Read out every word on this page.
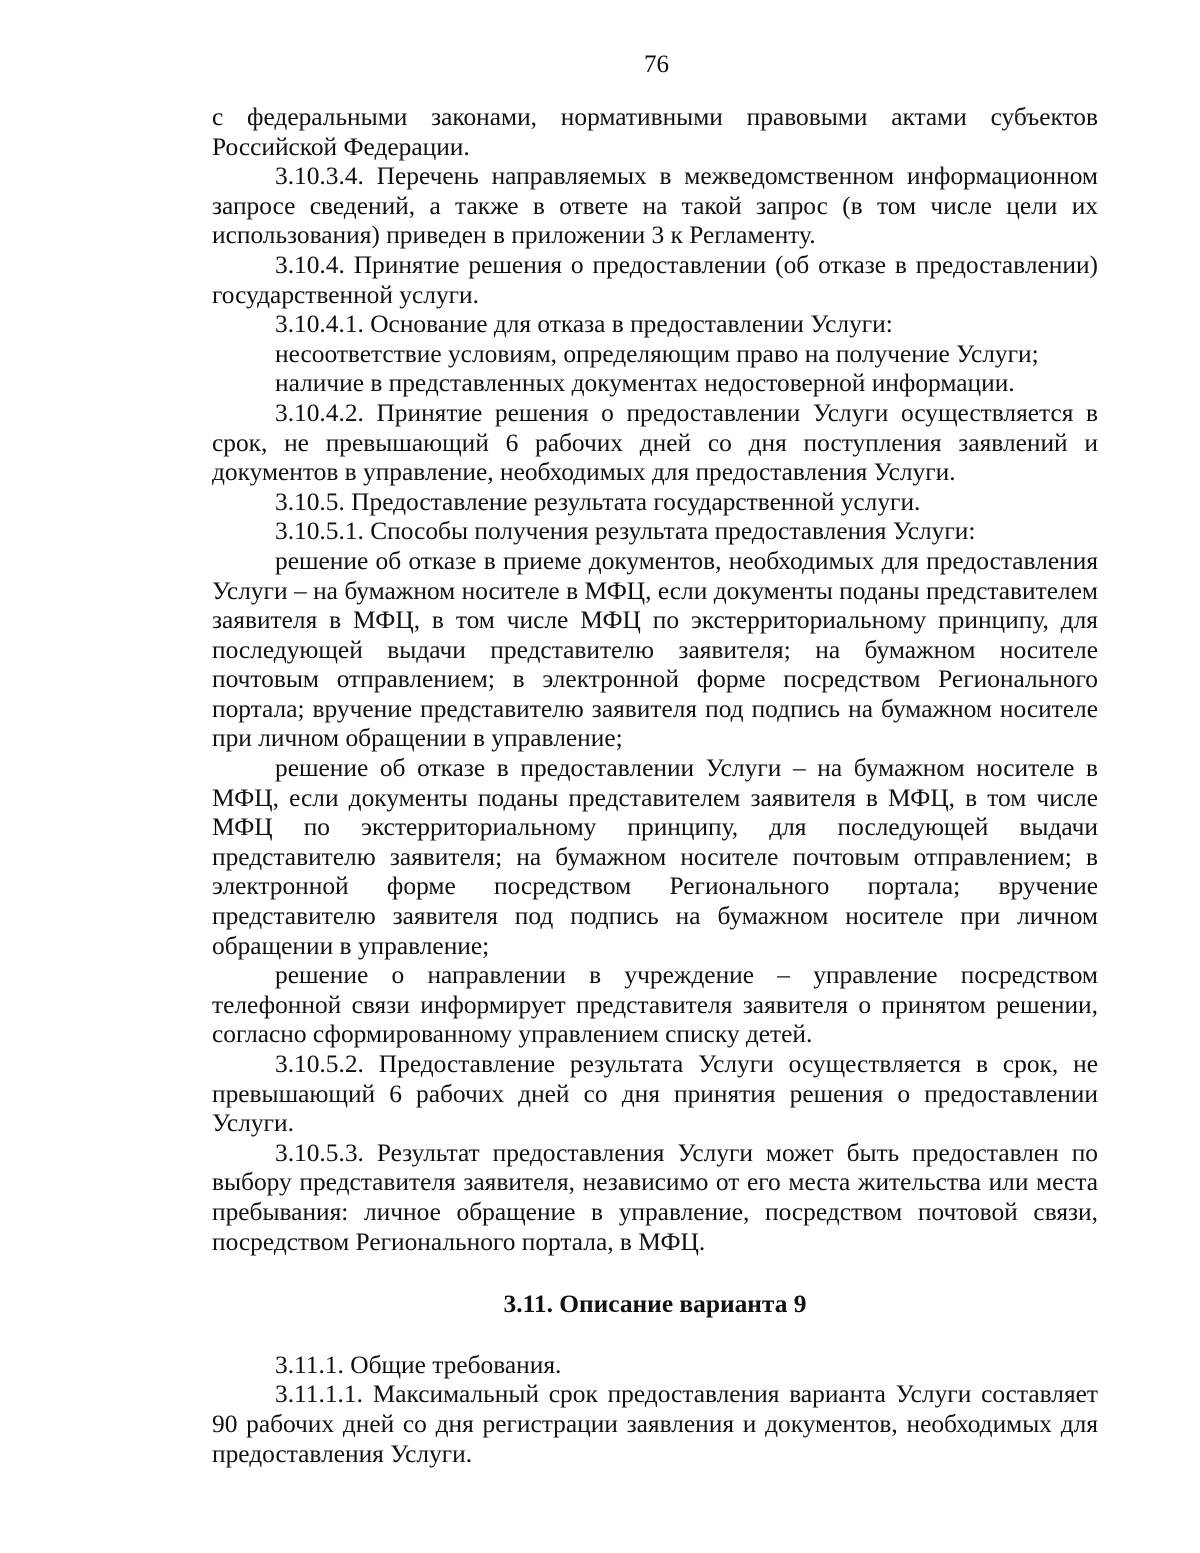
76

с федеральными законами, нормативными правовыми актами субъектов Российской Федерации.

3.10.3.4. Перечень направляемых в межведомственном информационном запросе сведений, а также в ответе на такой запрос (в том числе цели их использования) приведен в приложении 3 к Регламенту.

3.10.4. Принятие решения о предоставлении (об отказе в предоставлении) государственной услуги.

3.10.4.1. Основание для отказа в предоставлении Услуги:

несоответствие условиям, определяющим право на получение Услуги;

наличие в представленных документах недостоверной информации.

3.10.4.2. Принятие решения о предоставлении Услуги осуществляется в срок, не превышающий 6 рабочих дней со дня поступления заявлений и документов в управление, необходимых для предоставления Услуги.

3.10.5. Предоставление результата государственной услуги.

3.10.5.1. Способы получения результата предоставления Услуги:

решение об отказе в приеме документов, необходимых для предоставления Услуги – на бумажном носителе в МФЦ, если документы поданы представителем заявителя в МФЦ, в том числе МФЦ по экстерриториальному принципу, для последующей выдачи представителю заявителя; на бумажном носителе почтовым отправлением; в электронной форме посредством Регионального портала; вручение представителю заявителя под подпись на бумажном носителе при личном обращении в управление;

решение об отказе в предоставлении Услуги – на бумажном носителе в МФЦ, если документы поданы представителем заявителя в МФЦ, в том числе МФЦ по экстерриториальному принципу, для последующей выдачи представителю заявителя; на бумажном носителе почтовым отправлением; в электронной форме посредством Регионального портала; вручение представителю заявителя под подпись на бумажном носителе при личном обращении в управление;

решение о направлении в учреждение – управление посредством телефонной связи информирует представителя заявителя о принятом решении, согласно сформированному управлением списку детей.

3.10.5.2. Предоставление результата Услуги осуществляется в срок, не превышающий 6 рабочих дней со дня принятия решения о предоставлении Услуги.

3.10.5.3. Результат предоставления Услуги может быть предоставлен по выбору представителя заявителя, независимо от его места жительства или места пребывания: личное обращение в управление, посредством почтовой связи, посредством Регионального портала, в МФЦ.

3.11. Описание варианта 9

3.11.1. Общие требования.

3.11.1.1. Максимальный срок предоставления варианта Услуги составляет 90 рабочих дней со дня регистрации заявления и документов, необходимых для предоставления Услуги.
